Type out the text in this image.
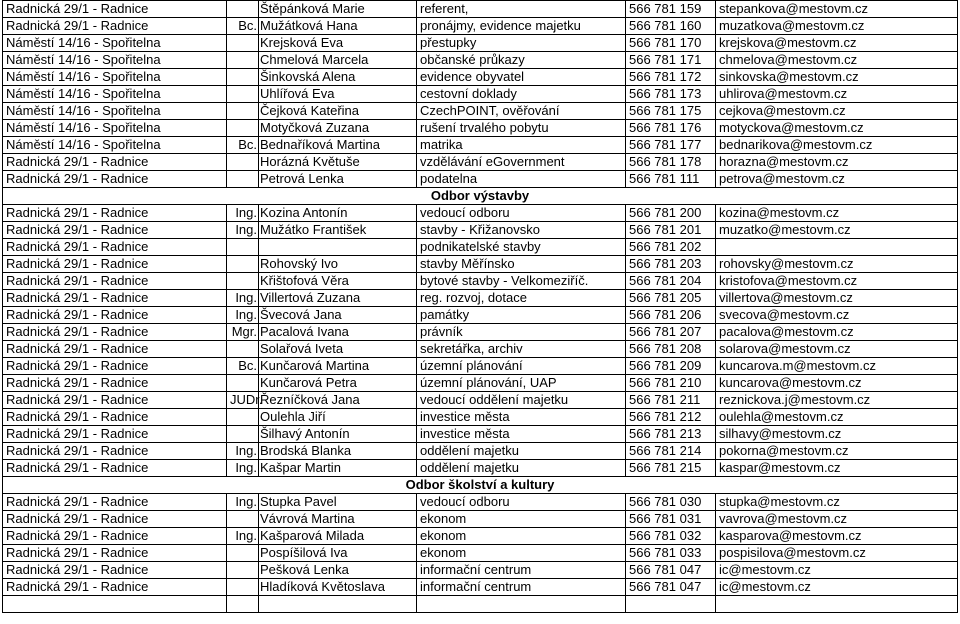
Radnická 29/1 - Radnice		Štěpánková Marie	referent,	566 781 159	stepankova@mestovm.cz
Radnická 29/1 - Radnice	Bc.	Mužátková Hana	pronájmy, evidence majetku	566 781 160	muzatkova@mestovm.cz
Náměstí 14/16 - Spořitelna		Krejsková Eva	přestupky	566 781 170	krejskova@mestovm.cz
Náměstí 14/16 - Spořitelna		Chmelová Marcela	občanské průkazy	566 781 171	chmelova@mestovm.cz
Náměstí 14/16 - Spořitelna		Šinkovská Alena	evidence obyvatel	566 781 172	sinkovska@mestovm.cz
Náměstí 14/16 - Spořitelna		Uhlířová Eva	cestovní doklady	566 781 173	uhlirova@mestovm.cz
Náměstí 14/16 - Spořitelna		Čejková Kateřina	CzechPOINT, ověřování	566 781 175	cejkova@mestovm.cz
Náměstí 14/16 - Spořitelna		Motyčková Zuzana	rušení trvalého pobytu	566 781 176	motyckova@mestovm.cz
Náměstí 14/16 - Spořitelna	Bc.	Bednaříková Martina	matrika	566 781 177	bednarikova@mestovm.cz
Radnická 29/1 - Radnice		Horázná Květuše	vzdělávání eGovernment	566 781 178	horazna@mestovm.cz
Radnická 29/1 - Radnice		Petrová Lenka	podatelna	566 781 111	petrova@mestovm.cz
Odbor výstavby					
Radnická 29/1 - Radnice	Ing.	Kozina Antonín	vedoucí odboru	566 781 200	kozina@mestovm.cz
Radnická 29/1 - Radnice	Ing.	Mužátko František	stavby - Křižanovsko	566 781 201	muzatko@mestovm.cz
Radnická 29/1 - Radnice			podnikatelské stavby	566 781 202	
Radnická 29/1 - Radnice		Rohovský Ivo	stavby Měřínsko	566 781 203	rohovsky@mestovm.cz
Radnická 29/1 - Radnice		Křištofová Věra	bytové stavby - Velkomeziříč.	566 781 204	kristofova@mestovm.cz
Radnická 29/1 - Radnice	Ing.	Villertová Zuzana	reg. rozvoj, dotace	566 781 205	villertova@mestovm.cz
Radnická 29/1 - Radnice	Ing.	Švecová Jana	památky	566 781 206	svecova@mestovm.cz
Radnická 29/1 - Radnice	Mgr.	Pacalová Ivana	právník	566 781 207	pacalova@mestovm.cz
Radnická 29/1 - Radnice		Solařová Iveta	sekretářka, archiv	566 781 208	solarova@mestovm.cz
Radnická 29/1 - Radnice	Bc.	Kunčarová Martina	územní plánování	566 781 209	kuncarova.m@mestovm.cz
Radnická 29/1 - Radnice		Kunčarová Petra	územní plánování, UAP	566 781 210	kuncarova@mestovm.cz
Radnická 29/1 - Radnice	JUDr.	Řezníčková Jana	vedoucí oddělení majetku	566 781 211	reznickova.j@mestovm.cz
Radnická 29/1 - Radnice		Oulehla Jiří	investice města	566 781 212	oulehla@mestovm.cz
Radnická 29/1 - Radnice		Šilhavý Antonín	investice města	566 781 213	silhavy@mestovm.cz
Radnická 29/1 - Radnice	Ing.	Brodská Blanka	oddělení majetku	566 781 214	pokorna@mestovm.cz
Radnická 29/1 - Radnice	Ing.	Kašpar Martin	oddělení majetku	566 781 215	kaspar@mestovm.cz
Odbor školství a kultury					
Radnická 29/1 - Radnice	Ing.	Stupka Pavel	vedoucí odboru	566 781 030	stupka@mestovm.cz
Radnická 29/1 - Radnice		Vávrová Martina	ekonom	566 781 031	vavrova@mestovm.cz
Radnická 29/1 - Radnice	Ing.	Kašparová Milada	ekonom	566 781 032	kasparova@mestovm.cz
Radnická 29/1 - Radnice		Pospíšilová Iva	ekonom	566 781 033	pospisilova@mestovm.cz
Radnická 29/1 - Radnice		Pešková Lenka	informační centrum	566 781 047	ic@mestovm.cz
Radnická 29/1 - Radnice		Hladíková Květoslava	informační centrum	566 781 047	ic@mestovm.cz
